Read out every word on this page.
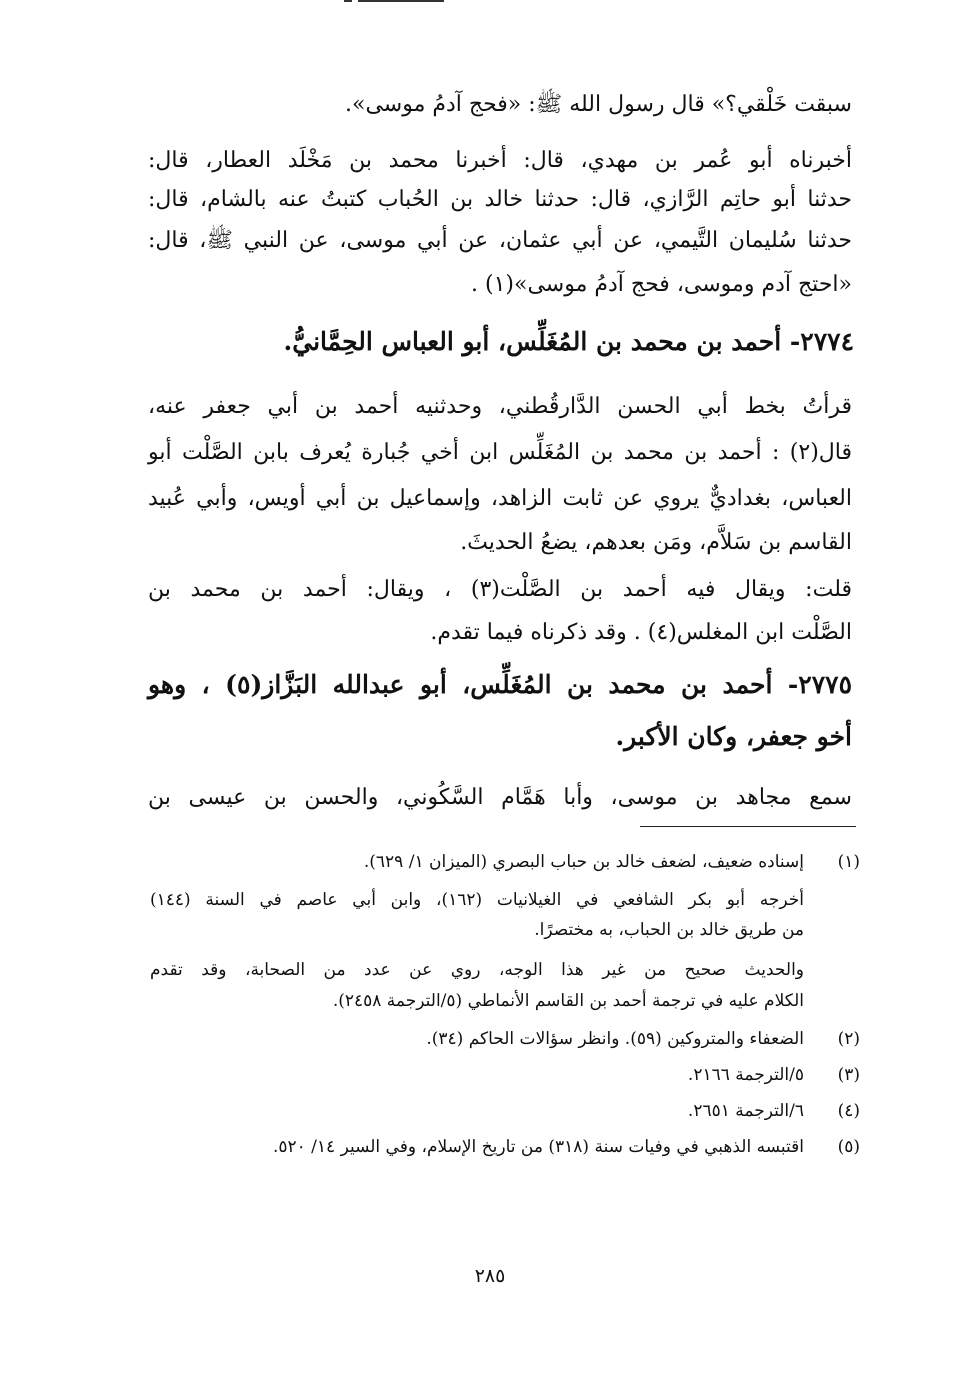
سبقت خَلْقي؟» قال رسول الله ﷺ: «فحج آدمُ موسى».
أخبرناه أبو عُمر بن مهدي، قال: أخبرنا محمد بن مَخْلَد العطار، قال:
حدثنا أبو حاتِم الرَّازي، قال: حدثنا خالد بن الحُباب كتبتُ عنه بالشام، قال:
حدثنا سُليمان التَّيمي، عن أبي عثمان، عن أبي موسى، عن النبي ﷺ، قال:
«احتج آدم وموسى، فحج آدمُ موسى»(١) .
٢٧٧٤- أحمد بن محمد بن المُغَلِّس، أبو العباس الحِمَّانيُّ.
قرأتُ بخط أبي الحسن الدَّارقُطني، وحدثنيه أحمد بن أبي جعفر عنه،
قال(٢) : أحمد بن محمد بن المُغَلِّس ابن أخي جُبارة يُعرف بابن الصَّلْت أبو
العباس، بغداديٌّ يروي عن ثابت الزاهد، وإسماعيل بن أبي أويس، وأبي عُبيد
القاسم بن سَلاَّم، ومَن بعدهم، يضعُ الحديثَ.
قلت: ويقال فيه أحمد بن الصَّلْت(٣) ، ويقال: أحمد بن محمد بن
الصَّلْت ابن المغلس(٤) . وقد ذكرناه فيما تقدم.
٢٧٧٥- أحمد بن محمد بن المُغَلِّس، أبو عبدالله البَزَّاز(٥) ، وهو
أخو جعفر، وكان الأكبر.
سمع مجاهد بن موسى، وأبا هَمَّام السَّكُوني، والحسن بن عيسى بن
(١)
إسناده ضعيف، لضعف خالد بن حباب البصري (الميزان ١/ ٦٢٩).
أخرجه أبو بكر الشافعي في الغيلانيات (١٦٢)، وابن أبي عاصم في السنة (١٤٤)
من طريق خالد بن الحباب، به مختصرًا.
والحديث صحيح من غير هذا الوجه، روي عن عدد من الصحابة، وقد تقدم
الكلام عليه في ترجمة أحمد بن القاسم الأنماطي (٥/الترجمة ٢٤٥٨).
(٢)
الضعفاء والمتروكين (٥٩). وانظر سؤالات الحاكم (٣٤).
(٣)
٥/الترجمة ٢١٦٦.
(٤)
٦/الترجمة ٢٦٥١.
(٥)
اقتبسه الذهبي في وفيات سنة (٣١٨) من تاريخ الإسلام، وفي السير ١٤/ ٥٢٠.
٢٨٥
